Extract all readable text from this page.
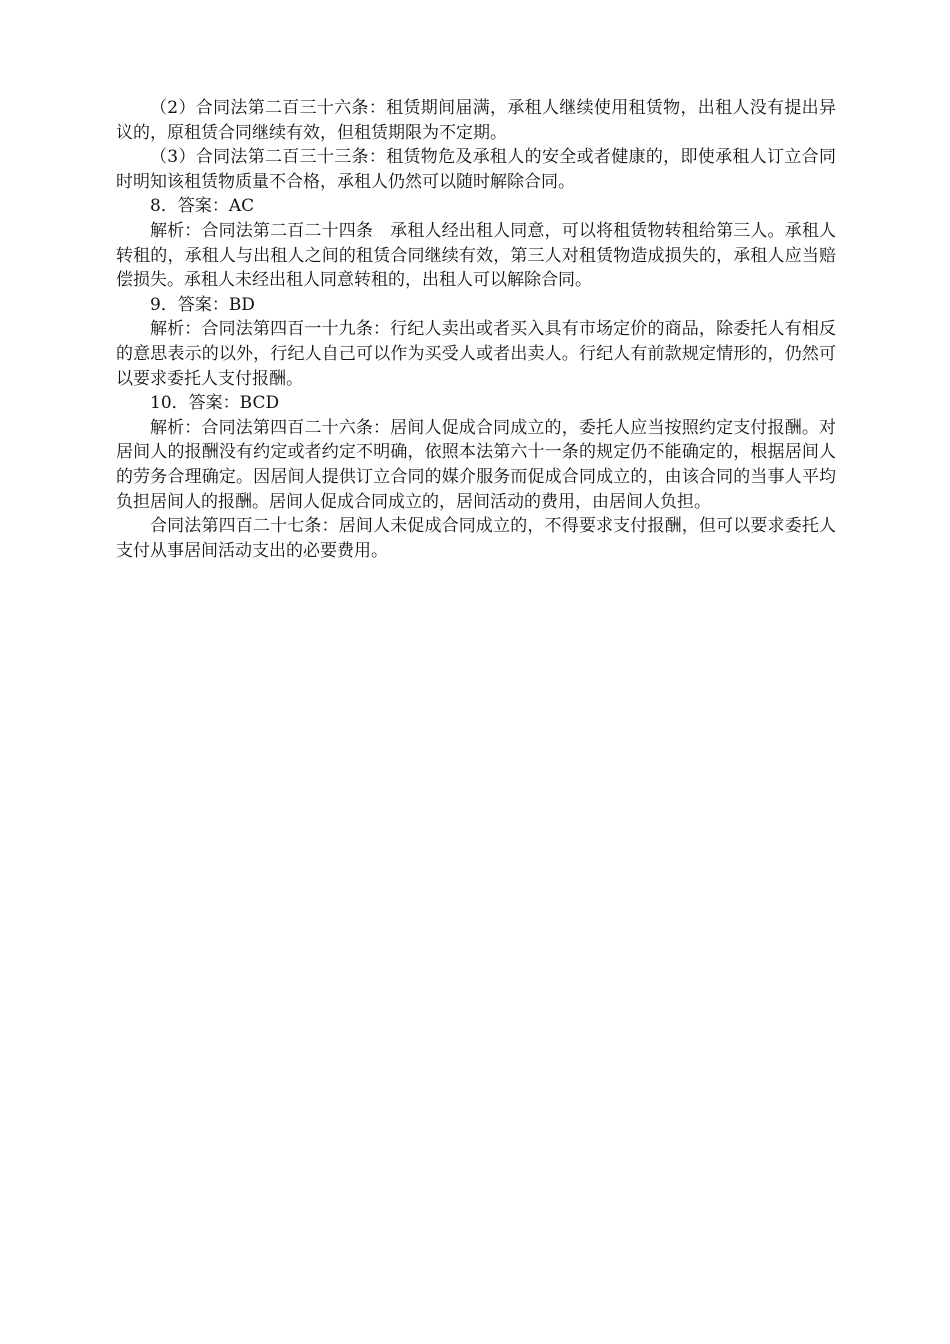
（2）合同法第二百三十六条：租赁期间届满，承租人继续使用租赁物，出租人没有提出异议的，原租赁合同继续有效，但租赁期限为不定期。

（3）合同法第二百三十三条：租赁物危及承租人的安全或者健康的，即使承租人订立合同时明知该租赁物质量不合格，承租人仍然可以随时解除合同。

8．答案：AC

解析：合同法第二百二十四条　承租人经出租人同意，可以将租赁物转租给第三人。承租人转租的，承租人与出租人之间的租赁合同继续有效，第三人对租赁物造成损失的，承租人应当赔偿损失。承租人未经出租人同意转租的，出租人可以解除合同。

9．答案：BD

解析：合同法第四百一十九条：行纪人卖出或者买入具有市场定价的商品，除委托人有相反的意思表示的以外，行纪人自己可以作为买受人或者出卖人。行纪人有前款规定情形的，仍然可以要求委托人支付报酬。

10．答案：BCD

解析：合同法第四百二十六条：居间人促成合同成立的，委托人应当按照约定支付报酬。对居间人的报酬没有约定或者约定不明确，依照本法第六十一条的规定仍不能确定的，根据居间人的劳务合理确定。因居间人提供订立合同的媒介服务而促成合同成立的，由该合同的当事人平均负担居间人的报酬。居间人促成合同成立的，居间活动的费用，由居间人负担。

合同法第四百二十七条：居间人未促成合同成立的，不得要求支付报酬，但可以要求委托人支付从事居间活动支出的必要费用。
